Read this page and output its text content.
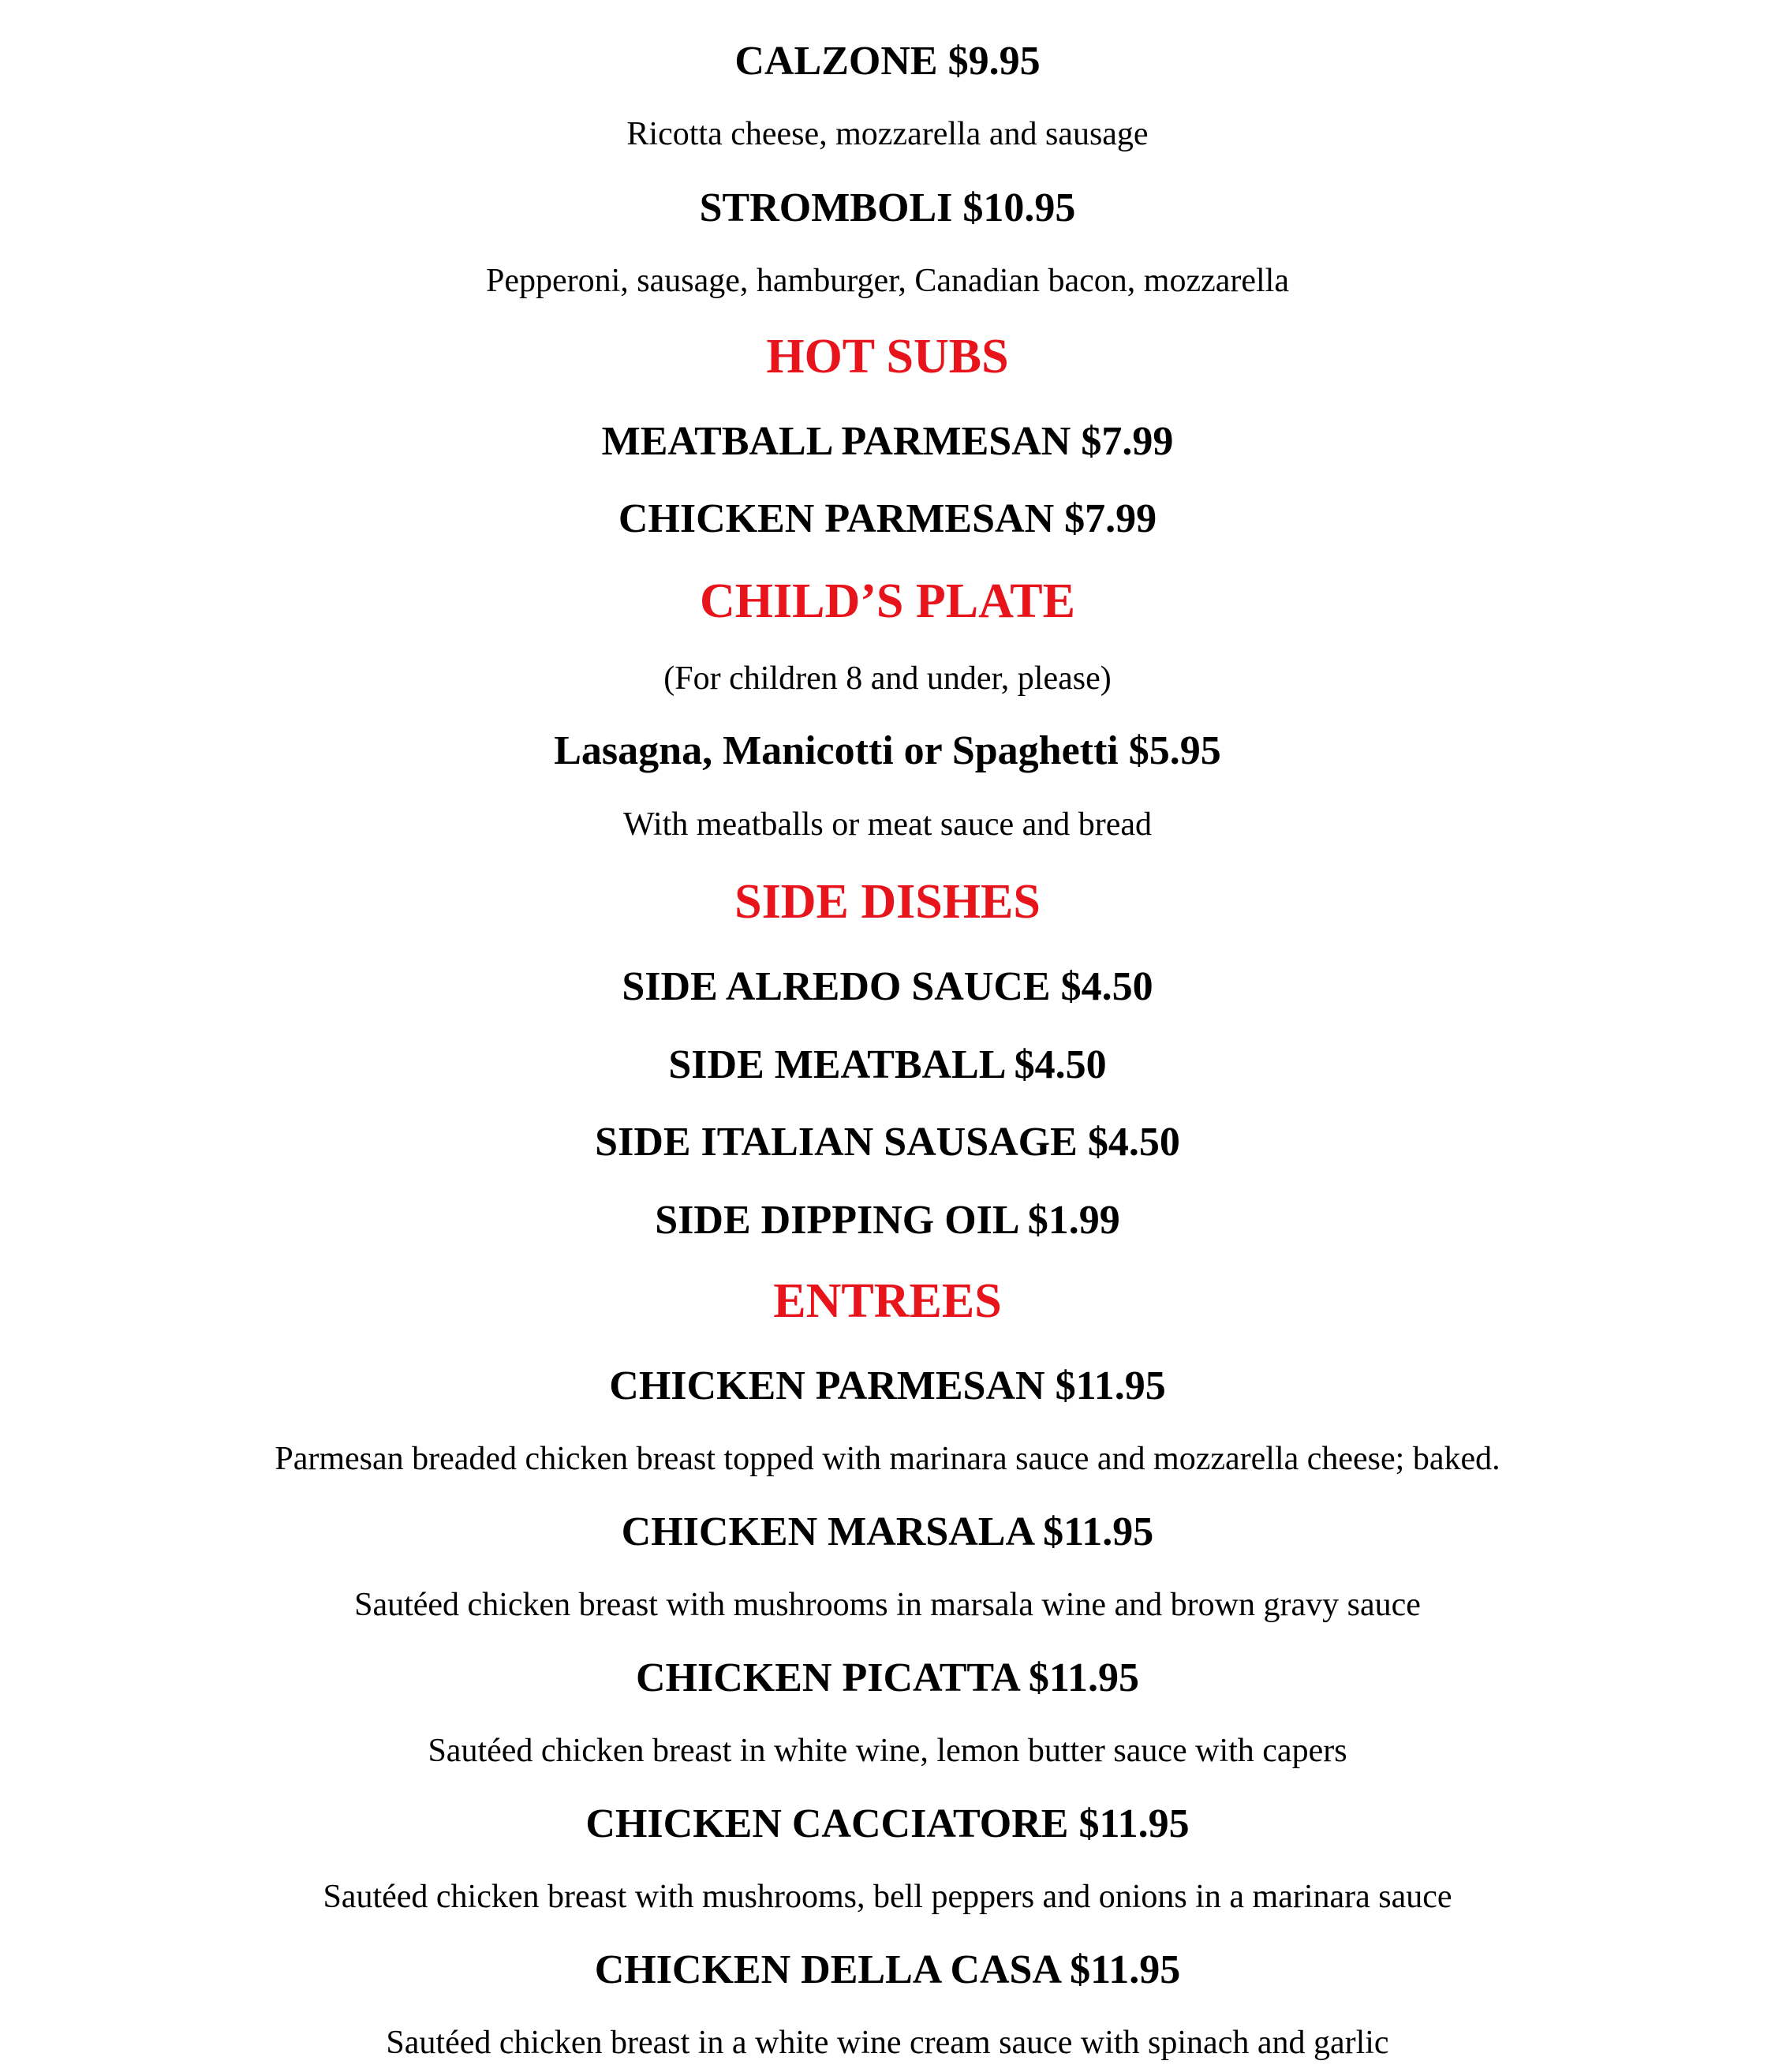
CALZONE $9.95
Ricotta cheese, mozzarella and sausage
STROMBOLI $10.95
Pepperoni, sausage, hamburger, Canadian bacon, mozzarella
HOT SUBS
MEATBALL PARMESAN $7.99
CHICKEN PARMESAN $7.99
CHILD’S PLATE
(For children 8 and under, please)
Lasagna, Manicotti or Spaghetti $5.95
With meatballs or meat sauce and bread
SIDE DISHES
SIDE ALREDO SAUCE $4.50
SIDE MEATBALL $4.50
SIDE ITALIAN SAUSAGE $4.50
SIDE DIPPING OIL $1.99
ENTREES
CHICKEN PARMESAN $11.95
Parmesan breaded chicken breast topped with marinara sauce and mozzarella cheese; baked.
CHICKEN MARSALA $11.95
Sautéed chicken breast with mushrooms in marsala wine and brown gravy sauce
CHICKEN PICATTA $11.95
Sautéed chicken breast in white wine, lemon butter sauce with capers
CHICKEN CACCIATORE $11.95
Sautéed chicken breast with mushrooms, bell peppers and onions in a marinara sauce
CHICKEN DELLA CASA $11.95
Sautéed chicken breast in a white wine cream sauce with spinach and garlic
